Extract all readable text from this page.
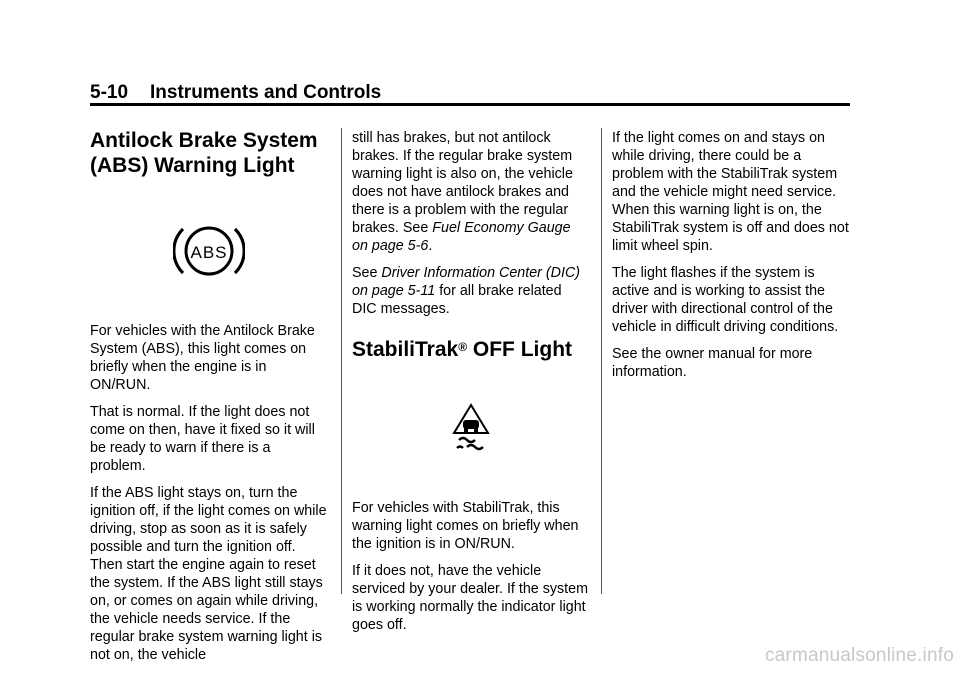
5-10 Instruments and Controls
Antilock Brake System
(ABS) Warning Light
ABS

For vehicles with the Antilock Brake System (ABS), this light comes on briefly when the engine is in ON/RUN.

That is normal. If the light does not come on then, have it fixed so it will be ready to warn if there is a problem.

If the ABS light stays on, turn the ignition off, if the light comes on while driving, stop as soon as it is safely possible and turn the ignition off. Then start the engine again to reset the system. If the ABS light still stays on, or comes on again while driving, the vehicle needs service. If the regular brake system warning light is not on, the vehicle

still has brakes, but not antilock brakes. If the regular brake system warning light is also on, the vehicle does not have antilock brakes and there is a problem with the regular brakes. See Fuel Economy Gauge on page 5-6.

See Driver Information Center (DIC) on page 5-11 for all brake related DIC messages.

StabiliTrak® OFF Light

For vehicles with StabiliTrak, this warning light comes on briefly when the ignition is in ON/RUN.

If it does not, have the vehicle serviced by your dealer. If the system is working normally the indicator light goes off.

If the light comes on and stays on while driving, there could be a problem with the StabiliTrak system and the vehicle might need service. When this warning light is on, the StabiliTrak system is off and does not limit wheel spin.

The light flashes if the system is active and is working to assist the driver with directional control of the vehicle in difficult driving conditions.

See the owner manual for more information.

carmanualsonline.info
